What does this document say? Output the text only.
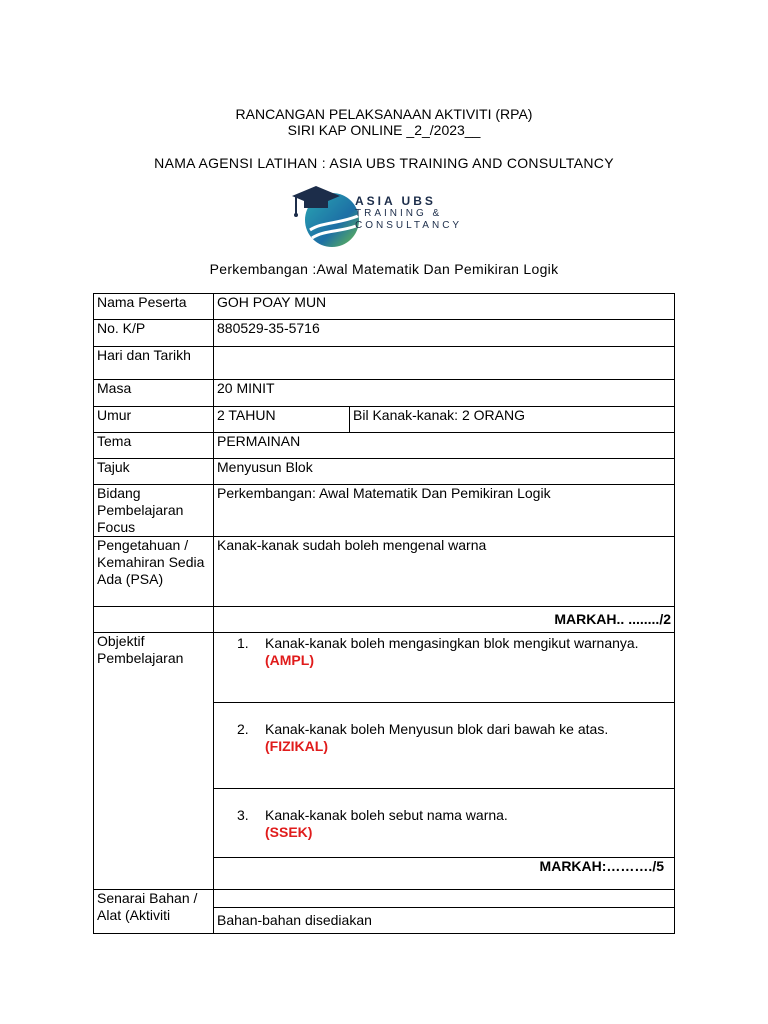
RANCANGAN PELAKSANAAN AKTIVITI (RPA)
SIRI KAP ONLINE _2_/2023__
NAMA AGENSI LATIHAN : ASIA UBS TRAINING AND CONSULTANCY
ASIA UBS
TRAINING &
CONSULTANCY
Perkembangan :Awal Matematik Dan Pemikiran Logik
Nama Peserta	GOH POAY MUN	
No. K/P	880529-35-5716	
Hari dan Tarikh		
Masa	20 MINIT	
Umur	2 TAHUN	Bil Kanak-kanak: 2 ORANG
Tema	PERMAINAN	
Tajuk	Menyusun Blok	
Bidang Pembelajaran Focus	Perkembangan: Awal Matematik Dan Pemikiran Logik	
Pengetahuan / Kemahiran Sedia Ada (PSA)	Kanak-kanak sudah boleh mengenal warna	
	MARKAH.. ......../2	
Objektif Pembelajaran	1. Kanak-kanak boleh mengasingkan blok mengikut warnanya.
(AMPL)	

	2. Kanak-kanak boleh Menyusun blok dari bawah ke atas.
(FIZIKAL)	

	3. Kanak-kanak boleh sebut nama warna.
(SSEK)	

	MARKAH:………./5	
Senarai Bahan / Alat (Aktiviti		
	Bahan-bahan disediakan	
